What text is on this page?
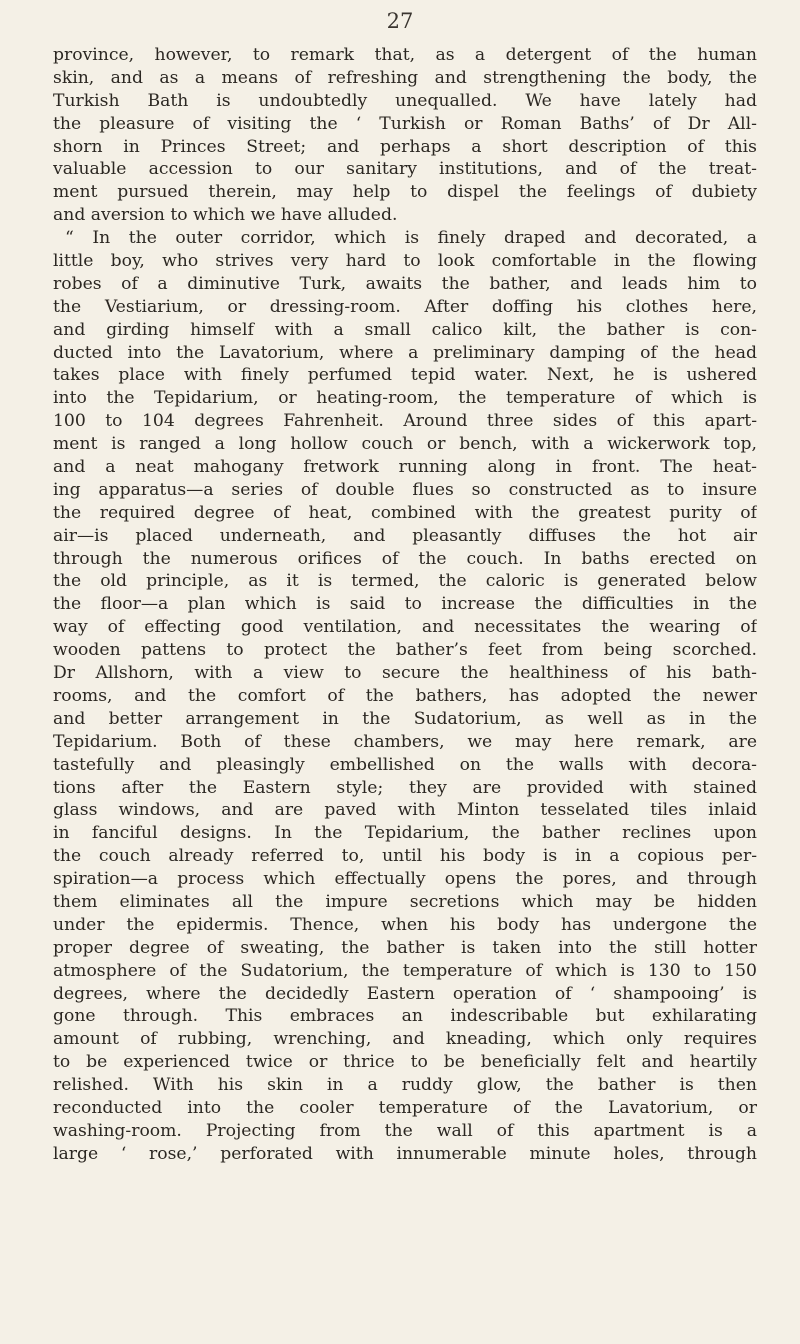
27
province, however, to remark that, as a detergent of the human
skin, and as a means of refreshing and strengthening the body, the
Turkish Bath is undoubtedly unequalled. We have lately had
the pleasure of visiting the ‘ Turkish or Roman Baths’ of Dr All-
shorn in Princes Street; and perhaps a short description of this
valuable accession to our sanitary institutions, and of the treat-
ment pursued therein, may help to dispel the feelings of dubiety
and aversion to which we have alluded.
“ In the outer corridor, which is finely draped and decorated, a
little boy, who strives very hard to look comfortable in the flowing
robes of a diminutive Turk, awaits the bather, and leads him to
the Vestiarium, or dressing-room. After doffing his clothes here,
and girding himself with a small calico kilt, the bather is con-
ducted into the Lavatorium, where a preliminary damping of the head
takes place with finely perfumed tepid water. Next, he is ushered
into the Tepidarium, or heating-room, the temperature of which is
100 to 104 degrees Fahrenheit. Around three sides of this apart-
ment is ranged a long hollow couch or bench, with a wickerwork top,
and a neat mahogany fretwork running along in front. The heat-
ing apparatus—a series of double flues so constructed as to insure
the required degree of heat, combined with the greatest purity of
air—is placed underneath, and pleasantly diffuses the hot air
through the numerous orifices of the couch. In baths erected on
the old principle, as it is termed, the caloric is generated below
the floor—a plan which is said to increase the difficulties in the
way of effecting good ventilation, and necessitates the wearing of
wooden pattens to protect the bather’s feet from being scorched.
Dr Allshorn, with a view to secure the healthiness of his bath-
rooms, and the comfort of the bathers, has adopted the newer
and better arrangement in the Sudatorium, as well as in the
Tepidarium. Both of these chambers, we may here remark, are
tastefully and pleasingly embellished on the walls with decora-
tions after the Eastern style; they are provided with stained
glass windows, and are paved with Minton tesselated tiles inlaid
in fanciful designs. In the Tepidarium, the bather reclines upon
the couch already referred to, until his body is in a copious per-
spiration—a process which effectually opens the pores, and through
them eliminates all the impure secretions which may be hidden
under the epidermis. Thence, when his body has undergone the
proper degree of sweating, the bather is taken into the still hotter
atmosphere of the Sudatorium, the temperature of which is 130 to 150
degrees, where the decidedly Eastern operation of ‘ shampooing’ is
gone through. This embraces an indescribable but exhilarating
amount of rubbing, wrenching, and kneading, which only requires
to be experienced twice or thrice to be beneficially felt and heartily
relished. With his skin in a ruddy glow, the bather is then
reconducted into the cooler temperature of the Lavatorium, or
washing-room. Projecting from the wall of this apartment is a
large ‘ rose,’ perforated with innumerable minute holes, through
